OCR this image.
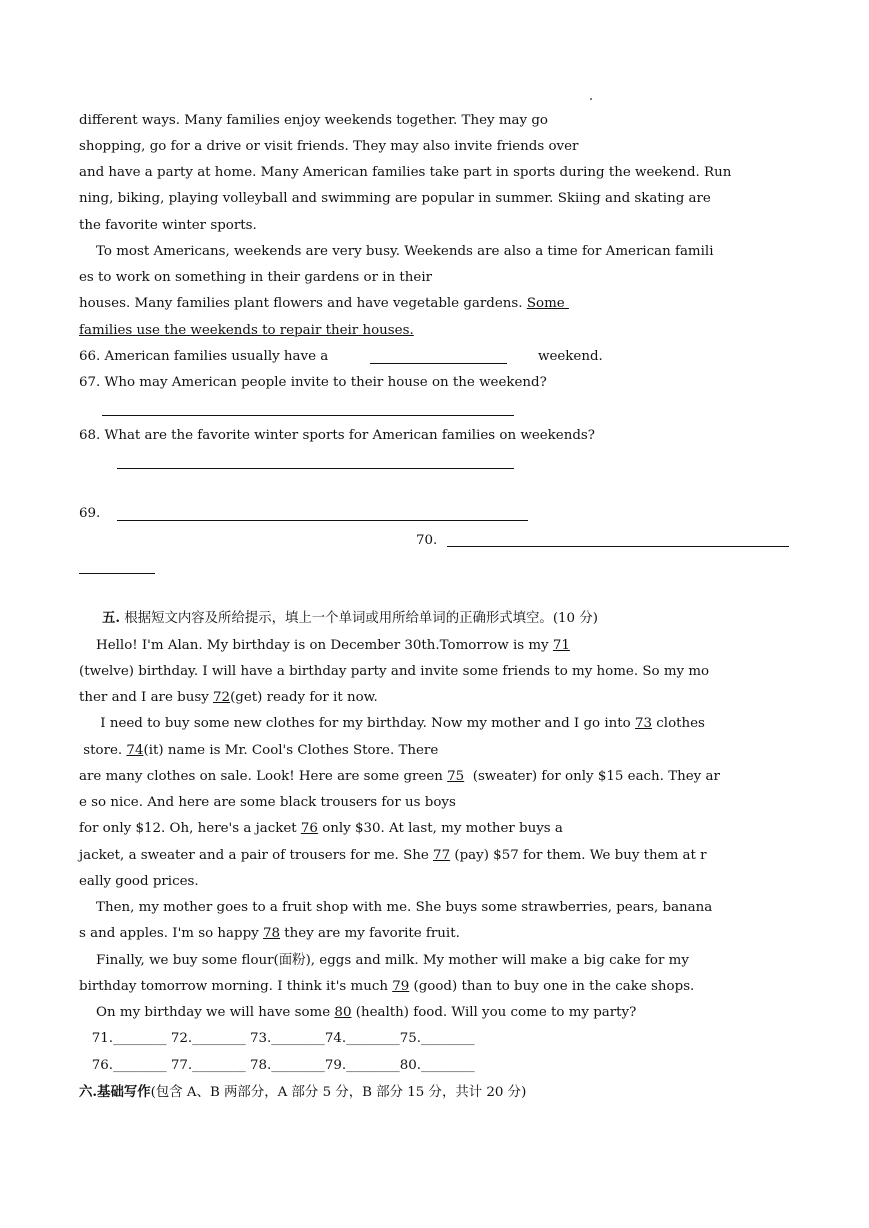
different ways. Many families enjoy weekends together. They may go
shopping, go for a drive or visit friends. They may also invite friends over
and have a party at home. Many American families take part in sports during the weekend. Run
ning, biking, playing volleyball and swimming are popular in summer. Skiing and skating are
the favorite winter sports.
To most Americans, weekends are very busy. Weekends are also a time for American famili
es to work on something in their gardens or in their
houses. Many families plant flowers and have vegetable gardens. Some
families use the weekends to repair their houses.
66. American families usually have a	weekend.
67. Who may American people invite to their house on the weekend?
68. What are the favorite winter sports for American families on weekends?
69.
70.
五. 根据短文内容及所给提示，填上一个单词或用所给单词的正确形式填空。(10 分)
Hello! I'm Alan. My birthday is on December 30th.Tomorrow is my 71
(twelve) birthday. I will have a birthday party and invite some friends to my home. So my mo
ther and I are busy 72(get) ready for it now.
I need to buy some new clothes for my birthday. Now my mother and I go into 73 clothes
store. 74(it) name is Mr. Cool's Clothes Store. There
are many clothes on sale. Look! Here are some green 75  (sweater) for only $15 each. They ar
e so nice. And here are some black trousers for us boys
for only $12. Oh, here's a jacket 76 only $30. At last, my mother buys a
jacket, a sweater and a pair of trousers for me. She 77 (pay) $57 for them. We buy them at r
eally good prices.
Then, my mother goes to a fruit shop with me. She buys some strawberries, pears, banana
s and apples. I'm so happy 78 they are my favorite fruit.
Finally, we buy some flour(面粉), eggs and milk. My mother will make a big cake for my
birthday tomorrow morning. I think it's much 79 (good) than to buy one in the cake shops.
On my birthday we will have some 80 (health) food. Will you come to my party?
71.________ 72.________ 73.________74.________75.________
76.________ 77.________ 78.________79.________80.________
六.基础写作(包含 A、B 两部分，A 部分 5 分，B 部分 15 分，共计 20 分)
